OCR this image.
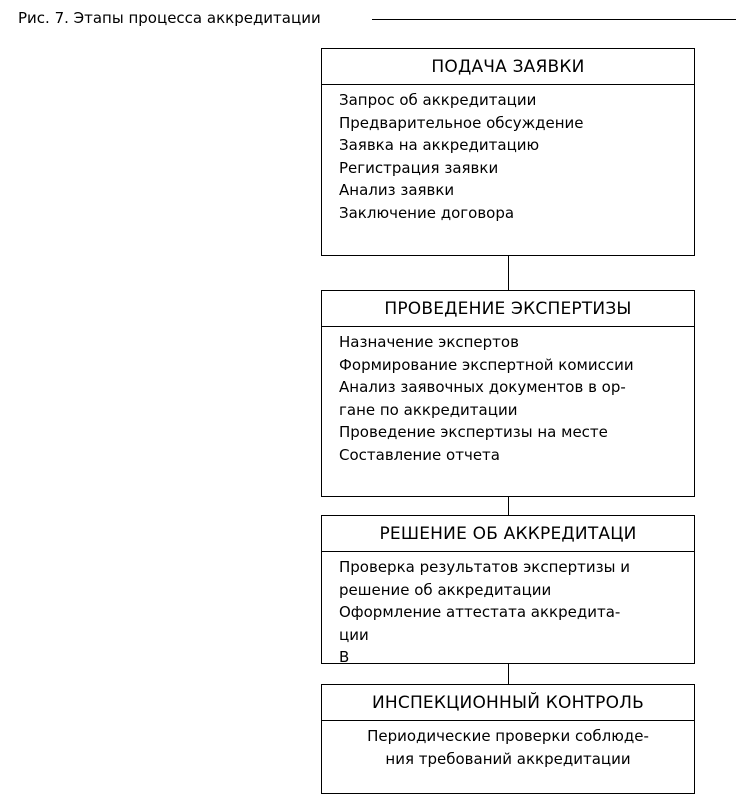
Рис. 7. Этапы процесса аккредитации
ПОДАЧА ЗАЯВКИ
Запрос об аккредитации
Предварительное обсуждение
Заявка на аккредитацию
Регистрация заявки
Анализ заявки
Заключение договора
ПРОВЕДЕНИЕ ЭКСПЕРТИЗЫ
Назначение экспертов
Формирование экспертной комиссии
Анализ заявочных документов в ор-
гане по аккредитации
Проведение экспертизы на месте
Составление отчета
РЕШЕНИЕ ОБ АККРЕДИТАЦИ
Проверка результатов экспертизы и
решение об аккредитации
Оформление аттестата аккредита-
ции
В
ИНСПЕКЦИОННЫЙ КОНТРОЛЬ
Периодические проверки соблюде-
ния требований аккредитации
